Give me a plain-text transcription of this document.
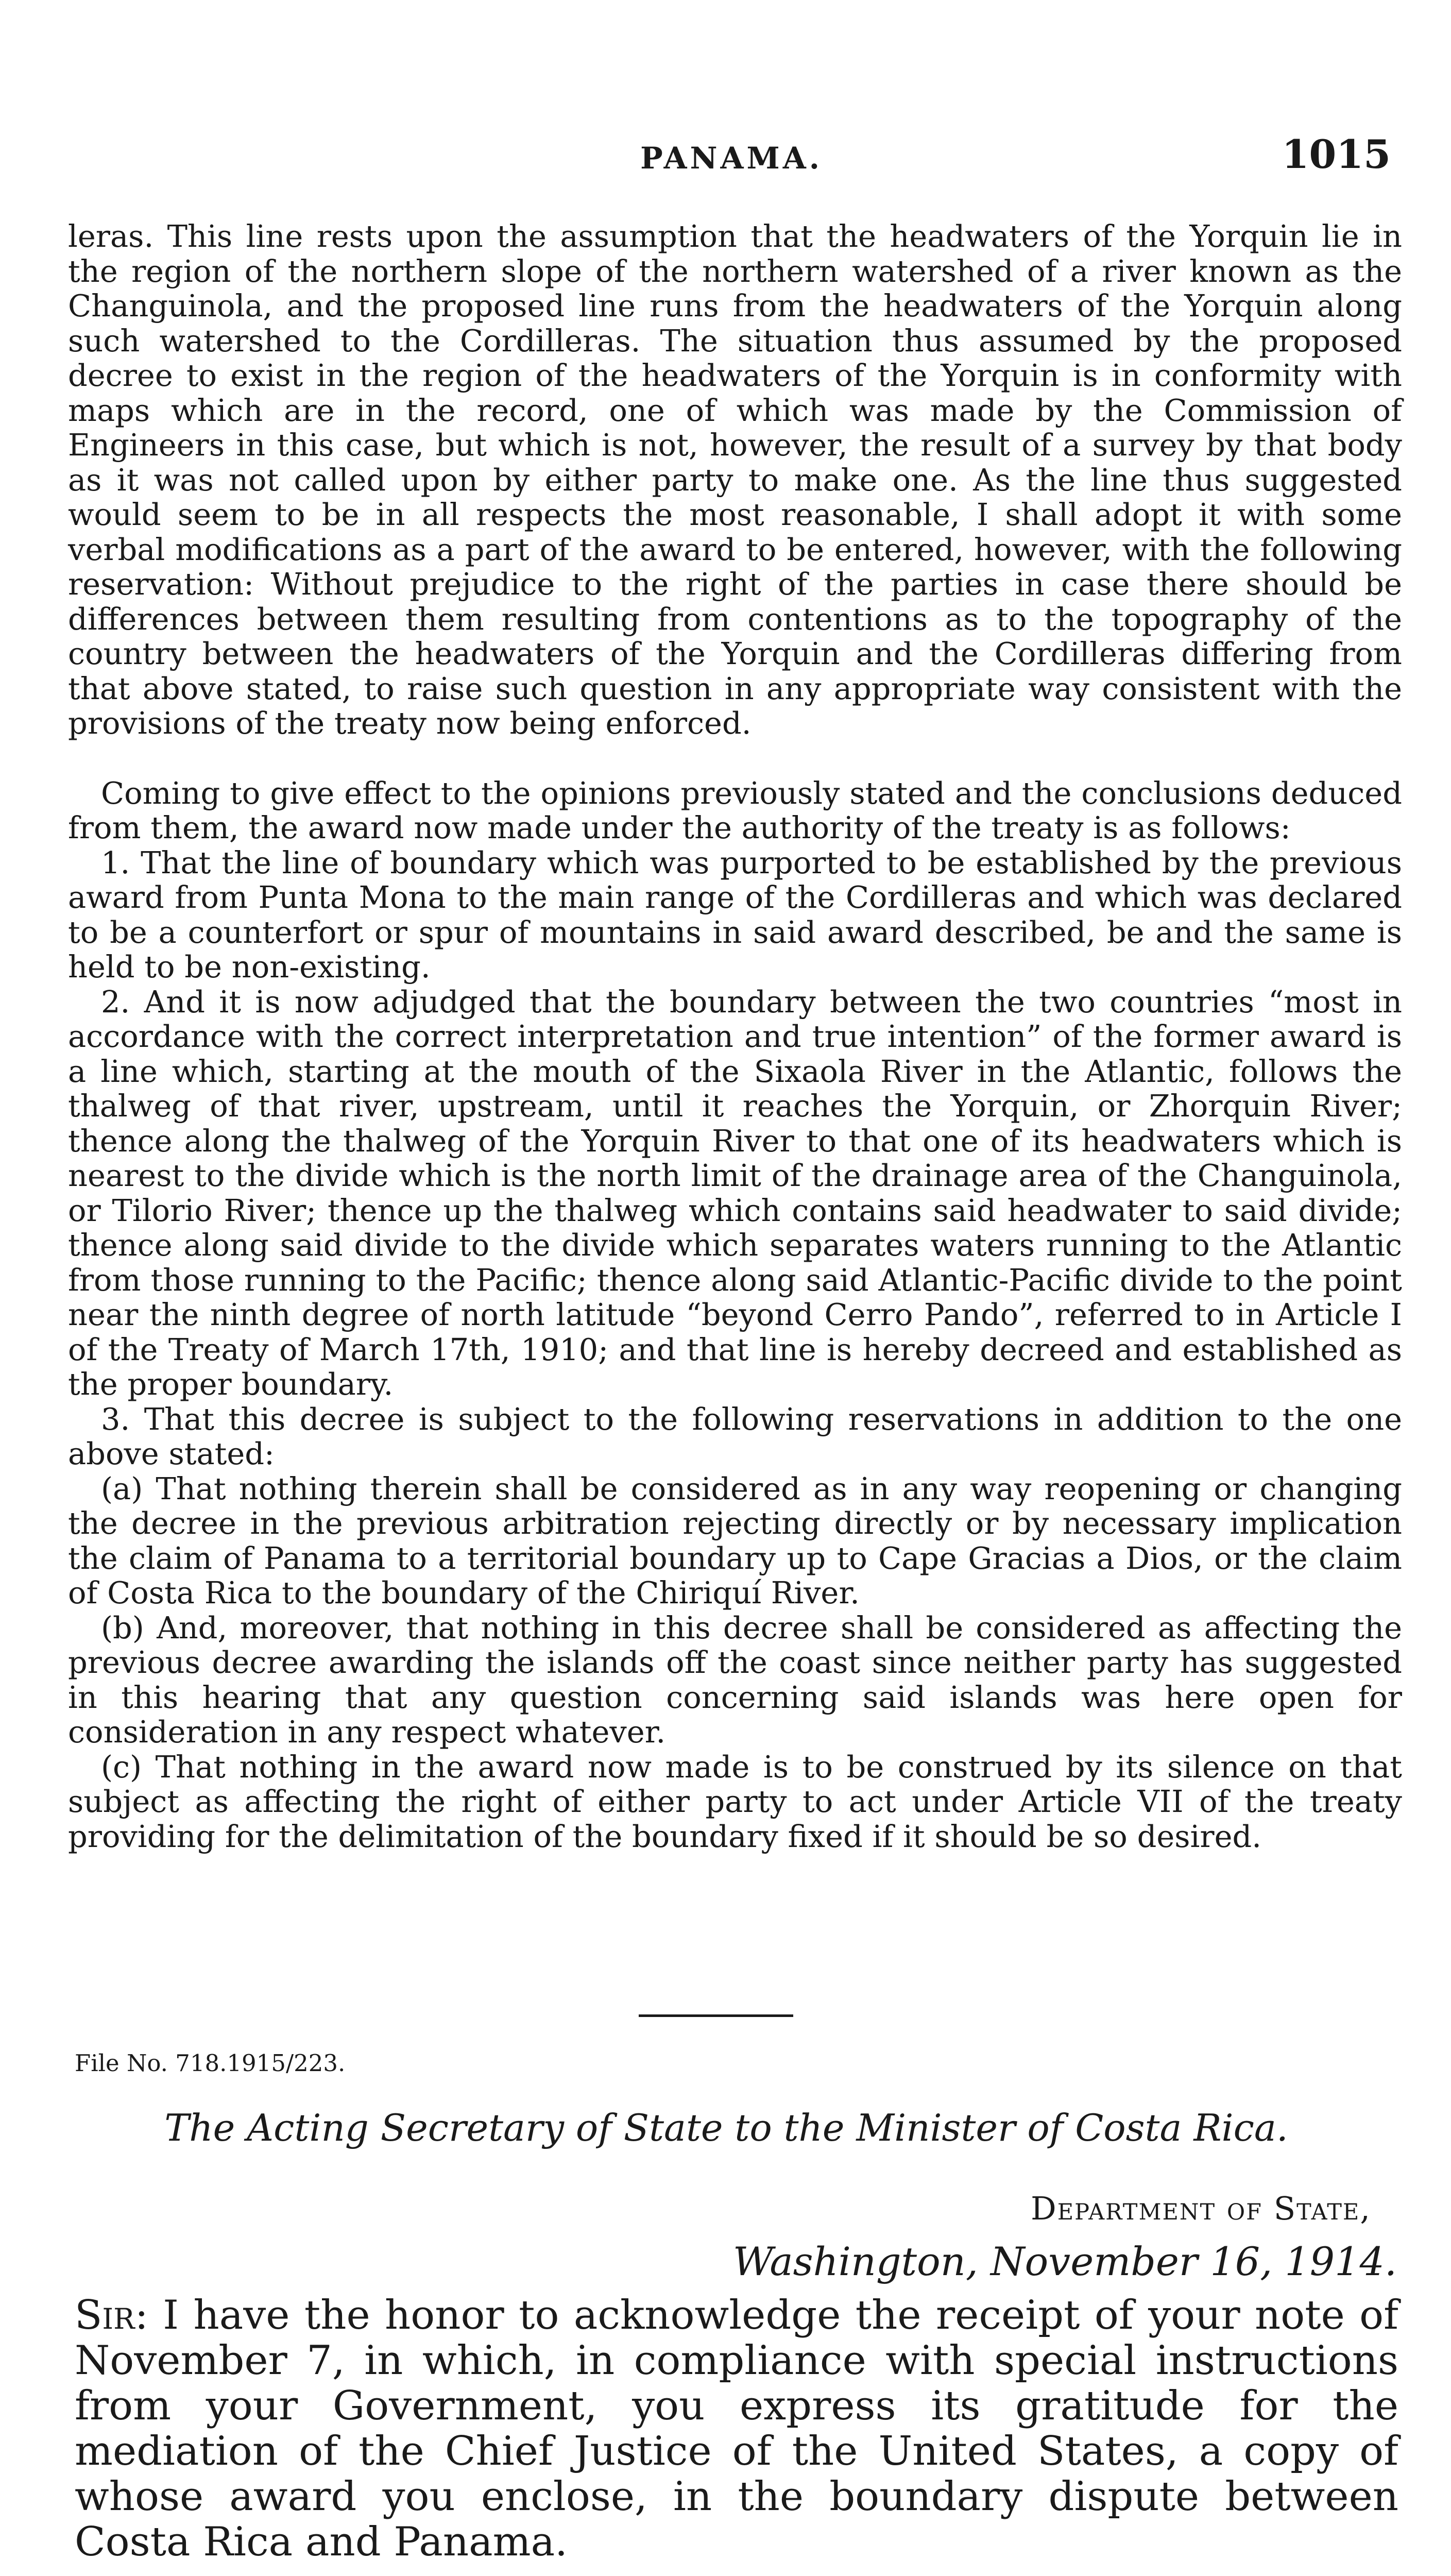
PANAMA.	1015

leras. This line rests upon the assumption that the headwaters of the Yorquin lie in the region of the northern slope of the northern watershed of a river known as the Changuinola, and the proposed line runs from the headwaters of the Yorquin along such watershed to the Cordilleras. The situation thus assumed by the proposed decree to exist in the region of the headwaters of the Yorquin is in conformity with maps which are in the record, one of which was made by the Commission of Engineers in this case, but which is not, however, the result of a survey by that body as it was not called upon by either party to make one. As the line thus suggested would seem to be in all respects the most reasonable, I shall adopt it with some verbal modifications as a part of the award to be entered, however, with the following reservation: Without prejudice to the right of the parties in case there should be differences between them resulting from contentions as to the topography of the country between the headwaters of the Yorquin and the Cordilleras differing from that above stated, to raise such question in any appropriate way consistent with the provisions of the treaty now being enforced.

Coming to give effect to the opinions previously stated and the conclusions deduced from them, the award now made under the authority of the treaty is as follows:

1. That the line of boundary which was purported to be established by the previous award from Punta Mona to the main range of the Cordilleras and which was declared to be a counterfort or spur of mountains in said award described, be and the same is held to be non-existing.

2. And it is now adjudged that the boundary between the two countries “most in accordance with the correct interpretation and true intention” of the former award is a line which, starting at the mouth of the Sixaola River in the Atlantic, follows the thalweg of that river, upstream, until it reaches the Yorquin, or Zhorquin River; thence along the thalweg of the Yorquin River to that one of its headwaters which is nearest to the divide which is the north limit of the drainage area of the Changuinola, or Tilorio River; thence up the thalweg which contains said headwater to said divide; thence along said divide to the divide which separates waters running to the Atlantic from those running to the Pacific; thence along said Atlantic-Pacific divide to the point near the ninth degree of north latitude “beyond Cerro Pando”, referred to in Article I of the Treaty of March 17th, 1910; and that line is hereby decreed and established as the proper boundary.

3. That this decree is subject to the following reservations in addition to the one above stated:

(a) That nothing therein shall be considered as in any way reopening or changing the decree in the previous arbitration rejecting directly or by necessary implication the claim of Panama to a territorial boundary up to Cape Gracias a Dios, or the claim of Costa Rica to the boundary of the Chiriquí River.

(b) And, moreover, that nothing in this decree shall be considered as affecting the previous decree awarding the islands off the coast since neither party has suggested in this hearing that any question concerning said islands was here open for consideration in any respect whatever.

(c) That nothing in the award now made is to be construed by its silence on that subject as affecting the right of either party to act under Article VII of the treaty providing for the delimitation of the boundary fixed if it should be so desired.

File No. 718.1915/223.
The Acting Secretary of State to the Minister of Costa Rica.
Department of State,
Washington, November 16, 1914.
Sir: I have the honor to acknowledge the receipt of your note of November 7, in which, in compliance with special instructions from your Government, you express its gratitude for the mediation of the Chief Justice of the United States, a copy of whose award you enclose, in the boundary dispute between Costa Rica and Panama.
